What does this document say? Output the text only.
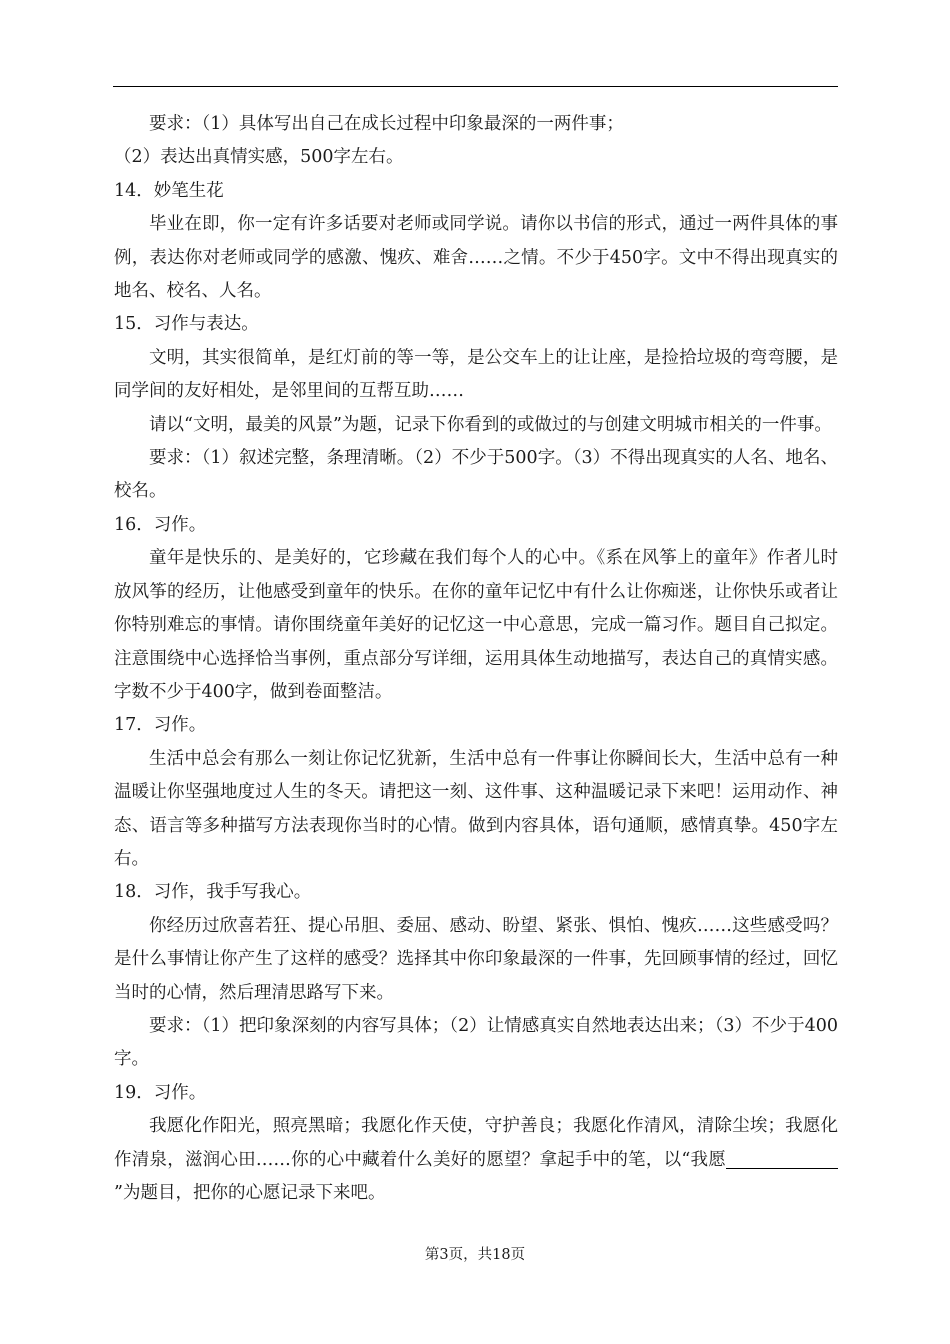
要求：（1）具体写出自己在成长过程中印象最深的一两件事；

（2）表达出真情实感，500字左右。

14．妙笔生花

毕业在即，你一定有许多话要对老师或同学说。请你以书信的形式，通过一两件具体的事例，表达你对老师或同学的感激、愧疚、难舍……之情。不少于450字。文中不得出现真实的地名、校名、人名。

15．习作与表达。

文明，其实很简单，是红灯前的等一等，是公交车上的让让座，是捡拾垃圾的弯弯腰，是同学间的友好相处，是邻里间的互帮互助……

请以“文明，最美的风景”为题，记录下你看到的或做过的与创建文明城市相关的一件事。

要求：（1）叙述完整，条理清晰。（2）不少于500字。（3）不得出现真实的人名、地名、校名。

16．习作。

童年是快乐的、是美好的，它珍藏在我们每个人的心中。《系在风筝上的童年》作者儿时放风筝的经历，让他感受到童年的快乐。在你的童年记忆中有什么让你痴迷，让你快乐或者让你特别难忘的事情。请你围绕童年美好的记忆这一中心意思，完成一篇习作。题目自己拟定。注意围绕中心选择恰当事例，重点部分写详细，运用具体生动地描写，表达自己的真情实感。字数不少于400字，做到卷面整洁。

17．习作。

生活中总会有那么一刻让你记忆犹新，生活中总有一件事让你瞬间长大，生活中总有一种温暖让你坚强地度过人生的冬天。请把这一刻、这件事、这种温暖记录下来吧！运用动作、神态、语言等多种描写方法表现你当时的心情。做到内容具体，语句通顺，感情真挚。450字左右。

18．习作，我手写我心。

你经历过欣喜若狂、提心吊胆、委屈、感动、盼望、紧张、惧怕、愧疚……这些感受吗？是什么事情让你产生了这样的感受？选择其中你印象最深的一件事，先回顾事情的经过，回忆当时的心情，然后理清思路写下来。

要求：（1）把印象深刻的内容写具体；（2）让情感真实自然地表达出来；（3）不少于400字。

19．习作。

我愿化作阳光，照亮黑暗；我愿化作天使，守护善良；我愿化作清风，清除尘埃；我愿化作清泉，滋润心田……你的心中藏着什么美好的愿望？拿起手中的笔，以“我愿”为题目，把你的心愿记录下来吧。

第3页，共18页
